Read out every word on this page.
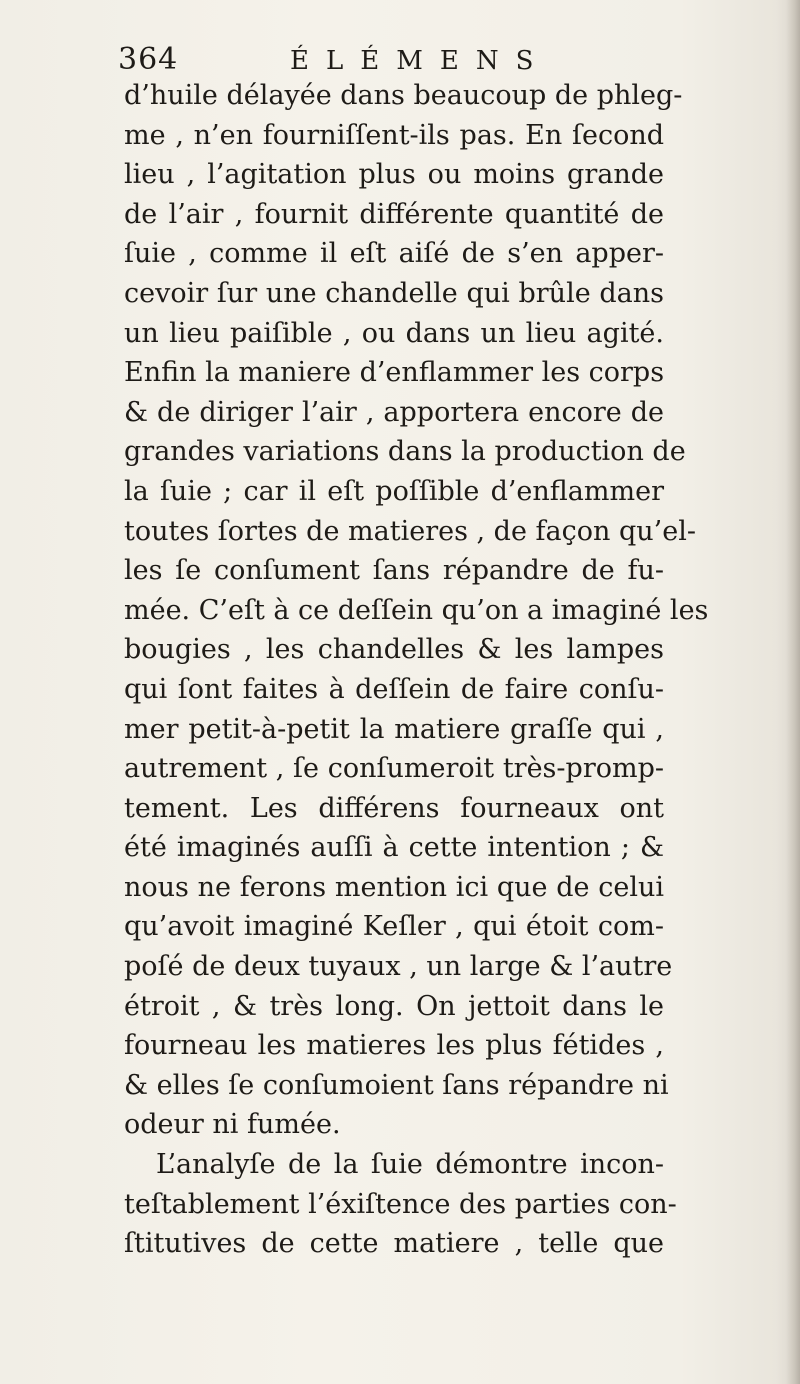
364	ÉLÉMENS
d’huile délayée dans beaucoup de phleg-
me , n’en fourniſſent-ils pas. En ſecond
lieu , l’agitation plus ou moins grande
de l’air , fournit différente quantité de
ſuie , comme il eſt aiſé de s’en apper-
cevoir ſur une chandelle qui brûle dans
un lieu paiſible , ou dans un lieu agité.
Enfin la maniere d’enflammer les corps
& de diriger l’air , apportera encore de
grandes variations dans la production de
la ſuie ; car il eſt poſſible d’enflammer
toutes ſortes de matieres , de façon qu’el-
les ſe conſument ſans répandre de fu-
mée. C’eſt à ce deſſein qu’on a imaginé les
bougies , les chandelles & les lampes
qui ſont faites à deſſein de faire conſu-
mer petit-à-petit la matiere graſſe qui ,
autrement , ſe conſumeroit très-promp-
tement. Les différens fourneaux ont
été imaginés auſſi à cette intention ; &
nous ne ferons mention ici que de celui
qu’avoit imaginé Keſler , qui étoit com-
poſé de deux tuyaux , un large & l’autre
étroit , & très long. On jettoit dans le
fourneau les matieres les plus fétides ,
& elles ſe conſumoient ſans répandre ni
odeur ni fumée.
L’analyſe de la ſuie démontre incon-
teſtablement l’éxiſtence des parties con-
ſtitutives de cette matiere , telle que
